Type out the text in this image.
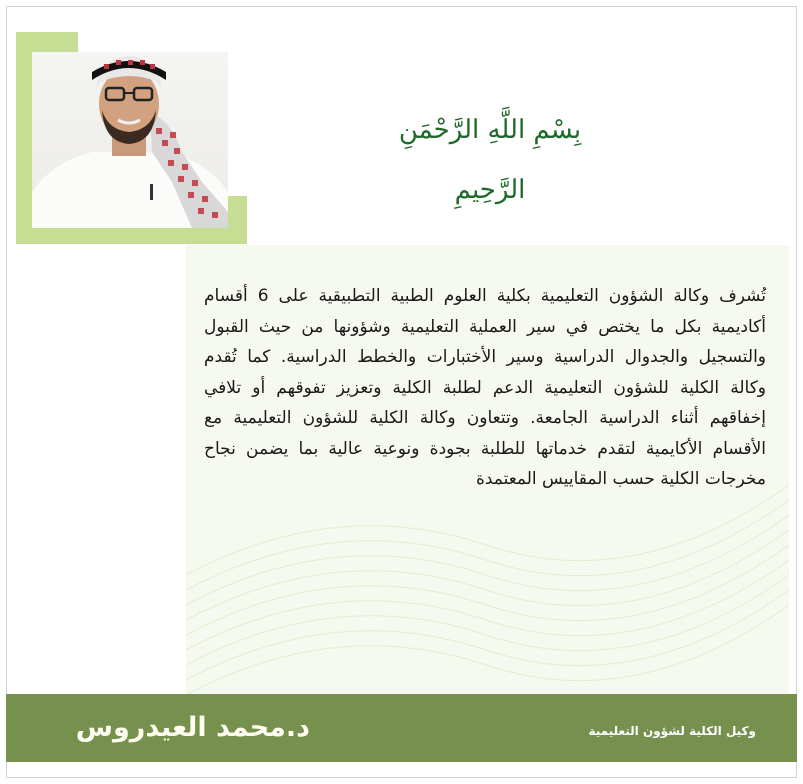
بِسْمِ اللَّهِ الرَّحْمَنِ الرَّحِيمِ
تُشرف وكالة الشؤون التعليمية بكلية العلوم الطبية التطبيقية على 6 أقسام أكاديمية بكل ما يختص في سير العملية التعليمية وشؤونها من حيث القبول والتسجيل والجدوال الدراسية وسير الأختبارات والخطط الدراسية. كما تُقدم وكالة الكلية للشؤون التعليمية الدعم لطلبة الكلية وتعزيز تفوقهم أو تلافي إخفاقهم أثناء الدراسية الجامعة. وتتعاون وكالة الكلية للشؤون التعليمية مع الأقسام الأكايمية لتقدم خدماتها للطلبة بجودة ونوعية عالية بما يضمن نجاح مخرجات الكلية حسب المقاييس المعتمدة
د.محمد العيدروس	وكيل الكلية لشؤون التعليمية
